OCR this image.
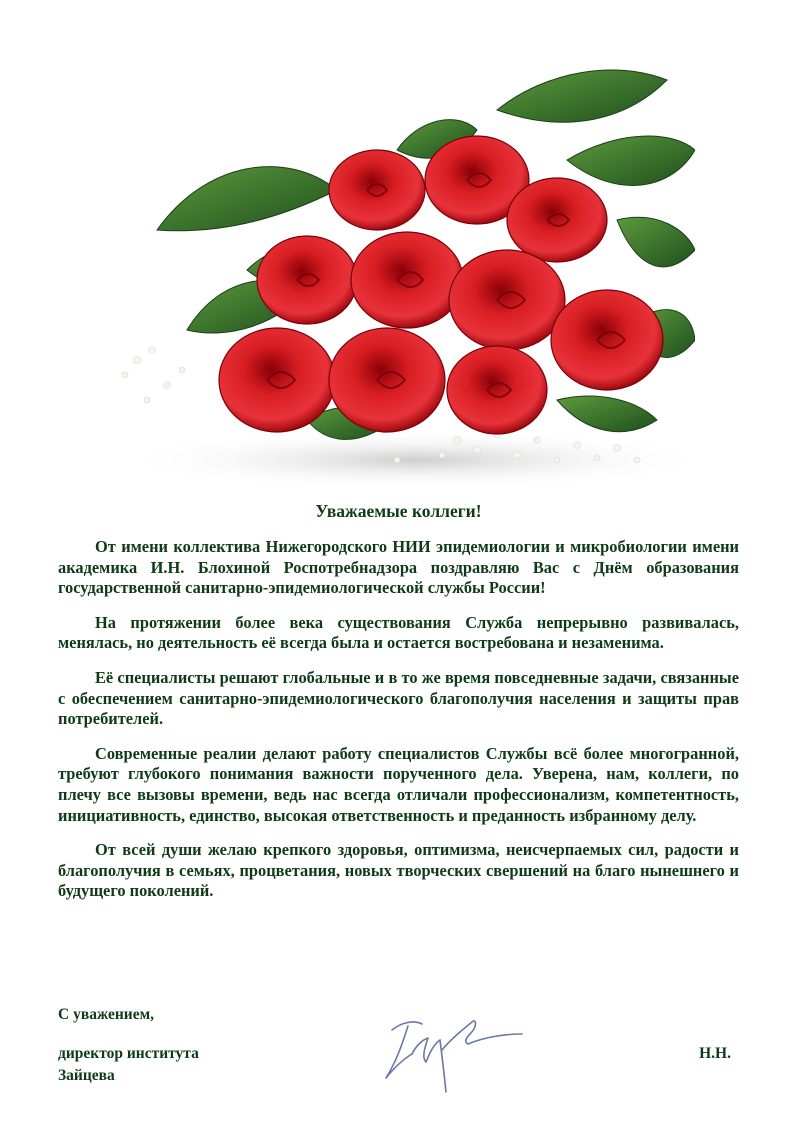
Уважаемые коллеги!

От имени коллектива Нижегородского НИИ эпидемиологии и микробиологии имени академика И.Н. Блохиной Роспотребнадзора поздравляю Вас с Днём образования государственной санитарно-эпидемиологической службы России!

На протяжении более века существования Служба непрерывно развивалась, менялась, но деятельность её всегда была и остается востребована и незаменима.

Её специалисты решают глобальные и в то же время повседневные задачи, связанные с обеспечением санитарно-эпидемиологического благополучия населения и защиты прав потребителей.

Современные реалии делают работу специалистов Службы всё более многогранной, требуют глубокого понимания важности порученного дела. Уверена, нам, коллеги, по плечу все вызовы времени, ведь нас всегда отличали профессионализм, компетентность, инициативность, единство, высокая ответственность и преданность избранному делу.

От всей души желаю крепкого здоровья, оптимизма, неисчерпаемых сил, радости и благополучия в семьях, процветания, новых творческих свершений на благо нынешнего и будущего поколений.

С уважением,

директор института	Н.Н.

Зайцева
